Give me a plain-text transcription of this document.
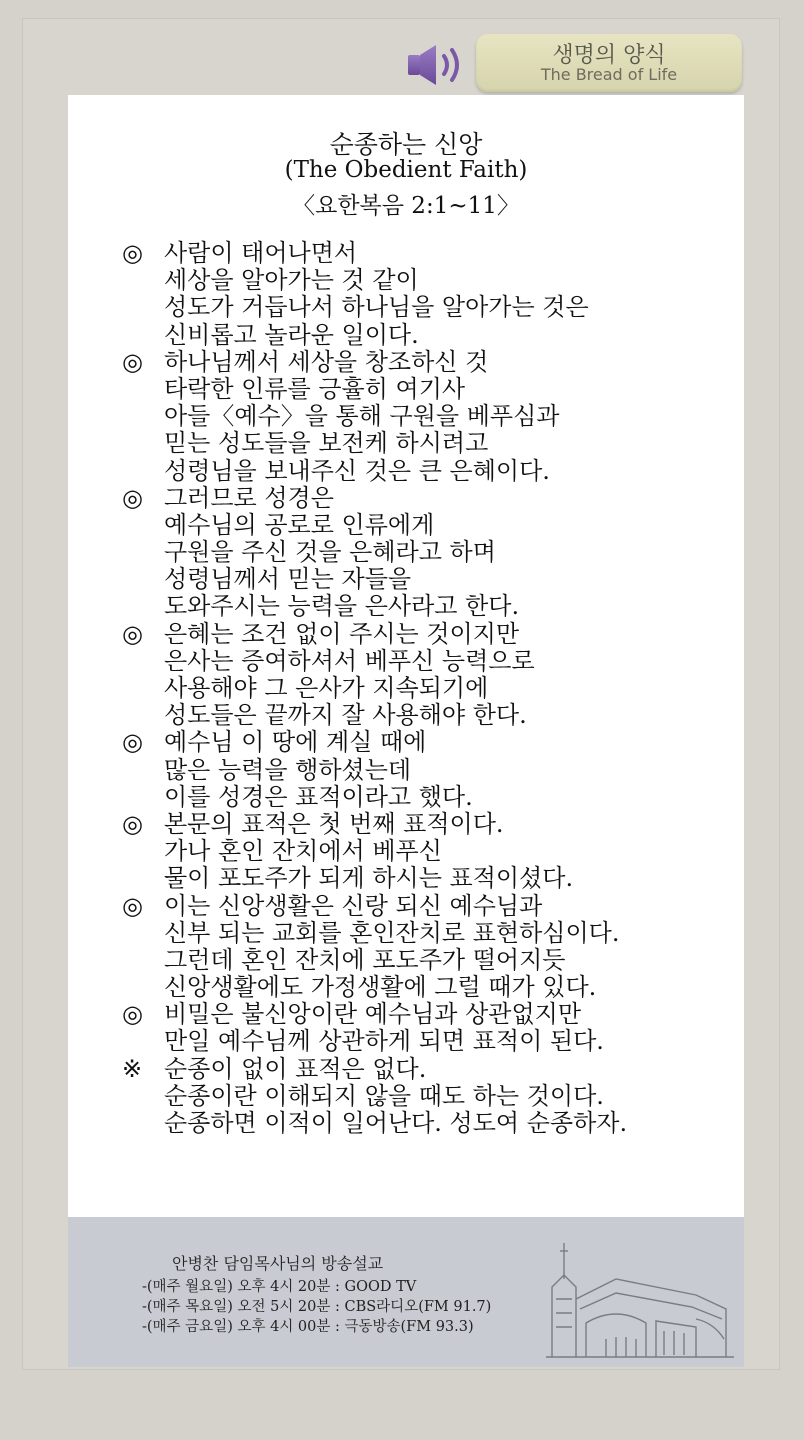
생명의 양식
The Bread of Life
순종하는 신앙
(The Obedient Faith)
〈요한복음 2:1~11〉
◎ 사람이 태어나면서
세상을 알아가는 것 같이
성도가 거듭나서 하나님을 알아가는 것은
신비롭고 놀라운 일이다.
◎ 하나님께서 세상을 창조하신 것
타락한 인류를 긍휼히 여기사
아들〈예수〉을 통해 구원을 베푸심과
믿는 성도들을 보전케 하시려고
성령님을 보내주신 것은 큰 은혜이다.
◎ 그러므로 성경은
예수님의 공로로 인류에게
구원을 주신 것을 은혜라고 하며
성령님께서 믿는 자들을
도와주시는 능력을 은사라고 한다.
◎ 은혜는 조건 없이 주시는 것이지만
은사는 증여하셔서 베푸신 능력으로
사용해야 그 은사가 지속되기에
성도들은 끝까지 잘 사용해야 한다.
◎ 예수님 이 땅에 계실 때에
많은 능력을 행하셨는데
이를 성경은 표적이라고 했다.
◎ 본문의 표적은 첫 번째 표적이다.
가나 혼인 잔치에서 베푸신
물이 포도주가 되게 하시는 표적이셨다.
◎ 이는 신앙생활은 신랑 되신 예수님과
신부 되는 교회를 혼인잔치로 표현하심이다.
그런데 혼인 잔치에 포도주가 떨어지듯
신앙생활에도 가정생활에 그럴 때가 있다.
◎ 비밀은 불신앙이란 예수님과 상관없지만
만일 예수님께 상관하게 되면 표적이 된다.
※ 순종이 없이 표적은 없다.
순종이란 이해되지 않을 때도 하는 것이다.
순종하면 이적이 일어난다. 성도여 순종하자.
안병찬 담임목사님의 방송설교
-(매주 월요일) 오후 4시 20분 : GOOD TV
-(매주 목요일) 오전 5시 20분 : CBS라디오(FM 91.7)
-(매주 금요일) 오후 4시 00분 : 극동방송(FM 93.3)
